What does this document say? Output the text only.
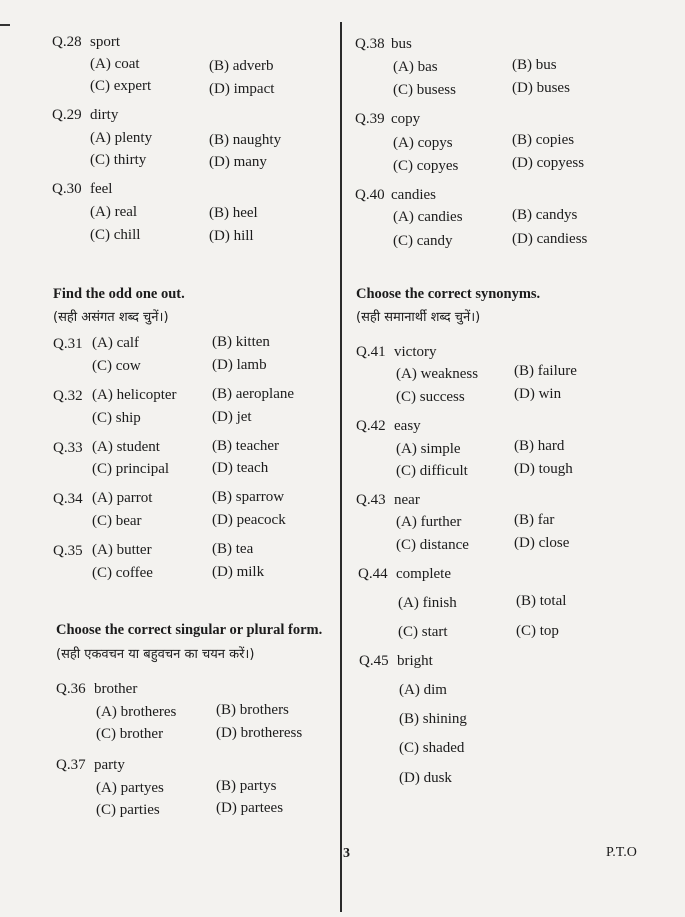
Q.28 sport
(A) coat	(B) adverb
(C) expert	(D) impact
Q.29 dirty
(A) plenty	(B) naughty
(C) thirty	(D) many
Q.30 feel
(A) real	(B) heel
(C) chill	(D) hill
Find the odd one out.
(सही असंगत शब्द चुनें।)
Q.31 (A) calf	(B) kitten
(C) cow	(D) lamb
Q.32 (A) helicopter (B) aeroplane
(C) ship	(D) jet
Q.33 (A) student	(B) teacher
(C) principal	(D) teach
Q.34 (A) parrot	(B) sparrow
(C) bear	(D) peacock
Q.35 (A) butter	(B) tea
(C) coffee	(D) milk
Choose the correct singular or plural form.
(सही एकवचन या बहुवचन का चयन करें।)
Q.36 brother
(A) brotheres	(B) brothers
(C) brother	(D) brotheress
Q.37 party
(A) partyes	(B) partys
(C) parties	(D) partees
Q.38 bus
(A) bas	(B) bus
(C) busess	(D) buses
Q.39 copy
(A) copys	(B) copies
(C) copyes	(D) copyess
Q.40 candies
(A) candies	(B) candys
(C) candy	(D) candiess
Choose the correct synonyms.
(सही समानार्थी शब्द चुनें।)
Q.41 victory
(A) weakness (B) failure
(C) success	(D) win
Q.42 easy
(A) simple	(B) hard
(C) difficult	(D) tough
Q.43 near
(A) further	(B) far
(C) distance	(D) close
Q.44 complete
(A) finish	(B) total
(C) start	(C) top
Q.45 bright
(A) dim
(B) shining
(C) shaded
(D) dusk
3	P.T.O
